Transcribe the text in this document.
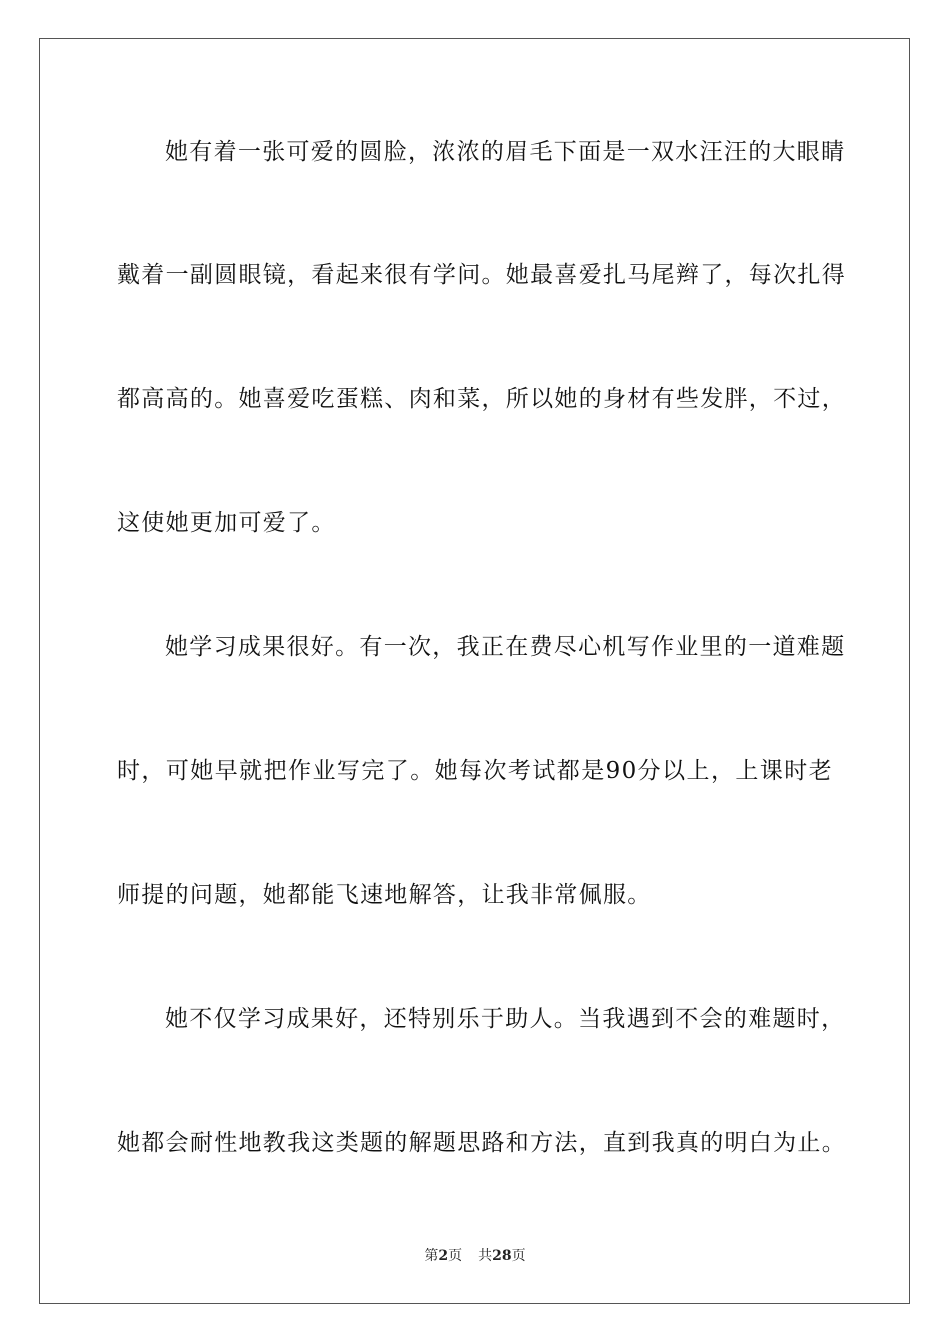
她有着一张可爱的圆脸，浓浓的眉毛下面是一双水汪汪的大眼睛
戴着一副圆眼镜，看起来很有学问。她最喜爱扎马尾辫了，每次扎得
都高高的。她喜爱吃蛋糕、肉和菜，所以她的身材有些发胖，不过，
这使她更加可爱了。
她学习成果很好。有一次，我正在费尽心机写作业里的一道难题
时，可她早就把作业写完了。她每次考试都是90分以上，上课时老
师提的问题，她都能飞速地解答，让我非常佩服。
她不仅学习成果好，还特别乐于助人。当我遇到不会的难题时，
她都会耐性地教我这类题的解题思路和方法，直到我真的明白为止。
第2页 共28页
